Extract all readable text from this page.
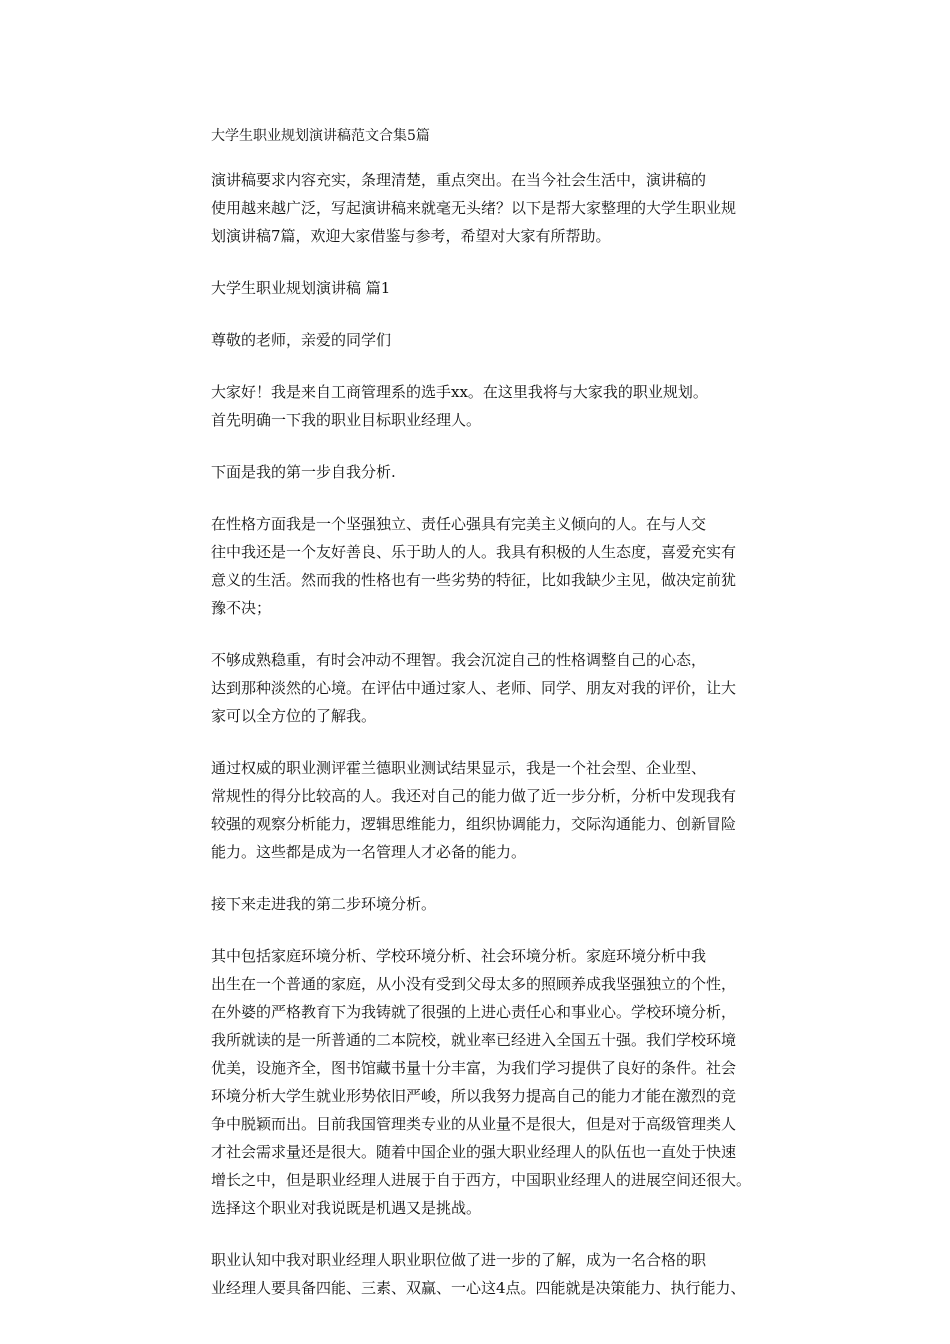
大学生职业规划演讲稿范文合集5篇

演讲稿要求内容充实，条理清楚，重点突出。在当今社会生活中，演讲稿的
使用越来越广泛，写起演讲稿来就毫无头绪？以下是帮大家整理的大学生职业规
划演讲稿7篇，欢迎大家借鉴与参考，希望对大家有所帮助。

大学生职业规划演讲稿 篇1

尊敬的老师，亲爱的同学们

大家好！我是来自工商管理系的选手xx。在这里我将与大家我的职业规划。
首先明确一下我的职业目标职业经理人。

下面是我的第一步自我分析.

在性格方面我是一个坚强独立、责任心强具有完美主义倾向的人。在与人交
往中我还是一个友好善良、乐于助人的人。我具有积极的人生态度，喜爱充实有
意义的生活。然而我的性格也有一些劣势的特征，比如我缺少主见，做决定前犹
豫不决；

不够成熟稳重，有时会冲动不理智。我会沉淀自己的性格调整自己的心态，
达到那种淡然的心境。在评估中通过家人、老师、同学、朋友对我的评价，让大
家可以全方位的了解我。

通过权威的职业测评霍兰德职业测试结果显示，我是一个社会型、企业型、
常规性的得分比较高的人。我还对自己的能力做了近一步分析，分析中发现我有
较强的观察分析能力，逻辑思维能力，组织协调能力，交际沟通能力、创新冒险
能力。这些都是成为一名管理人才必备的能力。

接下来走进我的第二步环境分析。

其中包括家庭环境分析、学校环境分析、社会环境分析。家庭环境分析中我
出生在一个普通的家庭，从小没有受到父母太多的照顾养成我坚强独立的个性，
在外婆的严格教育下为我铸就了很强的上进心责任心和事业心。学校环境分析，
我所就读的是一所普通的二本院校，就业率已经进入全国五十强。我们学校环境
优美，设施齐全，图书馆藏书量十分丰富，为我们学习提供了良好的条件。社会
环境分析大学生就业形势依旧严峻，所以我努力提高自己的能力才能在激烈的竞
争中脱颖而出。目前我国管理类专业的从业量不是很大，但是对于高级管理类人
才社会需求量还是很大。随着中国企业的强大职业经理人的队伍也一直处于快速
增长之中，但是职业经理人进展于自于西方，中国职业经理人的进展空间还很大。
选择这个职业对我说既是机遇又是挑战。

职业认知中我对职业经理人职业职位做了进一步的了解，成为一名合格的职
业经理人要具备四能、三素、双赢、一心这4点。四能就是决策能力、执行能力、
